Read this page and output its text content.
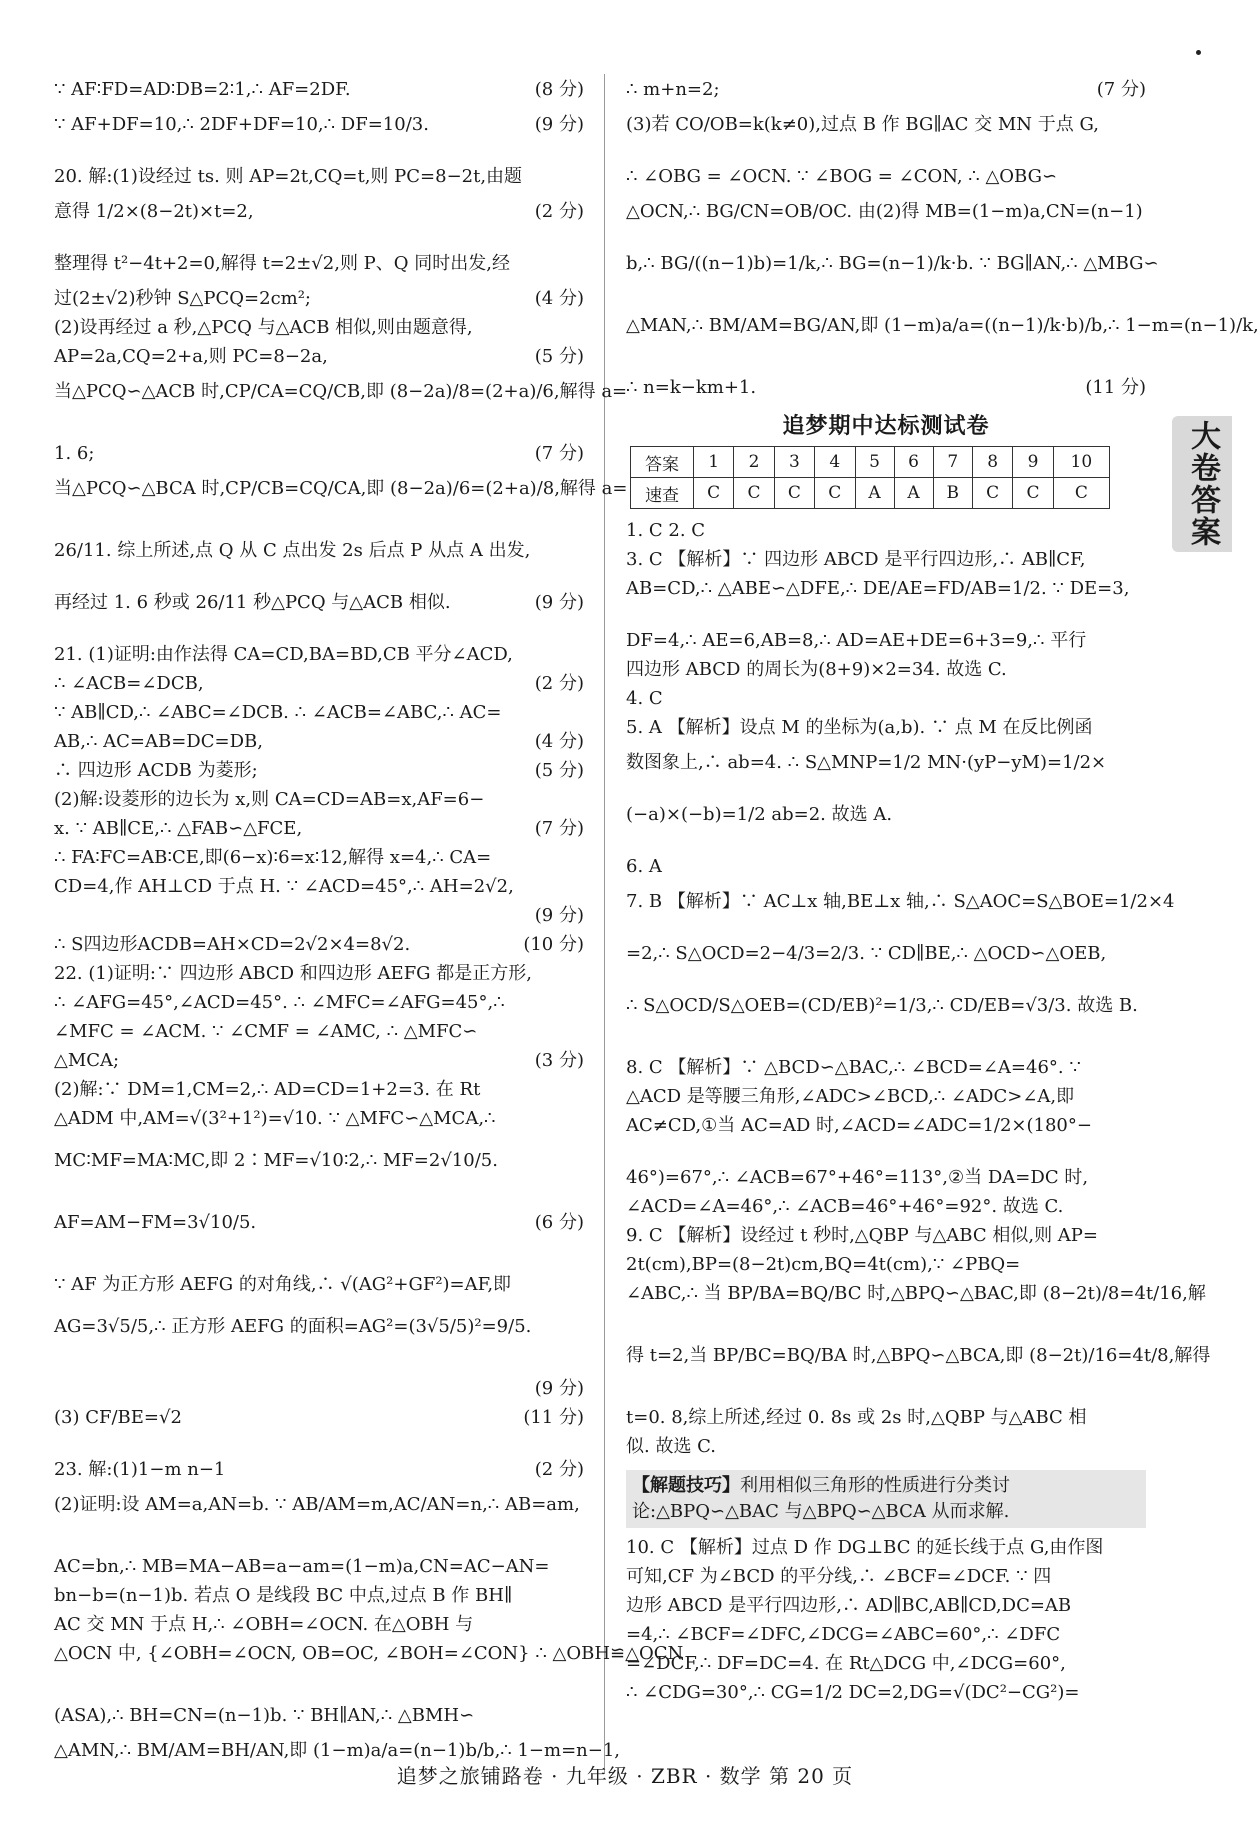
∵ AF∶FD=AD∶DB=2∶1,∴ AF=2DF.	(8 分)
∵ AF+DF=10,∴ 2DF+DF=10,∴ DF=10/3.	(9 分)
20. 解:(1)设经过 ts. 则 AP=2t,CQ=t,则 PC=8−2t,由题
意得 1/2×(8−2t)×t=2,	(2 分)
整理得 t²−4t+2=0,解得 t=2±√2,则 P、Q 同时出发,经
过(2±√2)秒钟 S△PCQ=2cm²;	(4 分)
(2)设再经过 a 秒,△PCQ 与△ACB 相似,则由题意得,
AP=2a,CQ=2+a,则 PC=8−2a,	(5 分)
当△PCQ∽△ACB 时,CP/CA=CQ/CB,即 (8−2a)/8=(2+a)/6,解得 a=
1. 6;	(7 分)
当△PCQ∽△BCA 时,CP/CB=CQ/CA,即 (8−2a)/6=(2+a)/8,解得 a=
26/11. 综上所述,点 Q 从 C 点出发 2s 后点 P 从点 A 出发,
再经过 1. 6 秒或 26/11 秒△PCQ 与△ACB 相似.	(9 分)
21. (1)证明:由作法得 CA=CD,BA=BD,CB 平分∠ACD,
∴ ∠ACB=∠DCB,	(2 分)
∵ AB∥CD,∴ ∠ABC=∠DCB. ∴ ∠ACB=∠ABC,∴ AC=
AB,∴ AC=AB=DC=DB,	(4 分)
∴ 四边形 ACDB 为菱形;	(5 分)
(2)解:设菱形的边长为 x,则 CA=CD=AB=x,AF=6−
x. ∵ AB∥CE,∴ △FAB∽△FCE,	(7 分)
∴ FA∶FC=AB∶CE,即(6−x)∶6=x∶12,解得 x=4,∴ CA=
CD=4,作 AH⊥CD 于点 H. ∵ ∠ACD=45°,∴ AH=2√2,
(9 分)
∴ S四边形ACDB=AH×CD=2√2×4=8√2.	(10 分)
22. (1)证明:∵ 四边形 ABCD 和四边形 AEFG 都是正方形,
∴ ∠AFG=45°,∠ACD=45°. ∴ ∠MFC=∠AFG=45°,∴
∠MFC = ∠ACM. ∵ ∠CMF = ∠AMC, ∴ △MFC∽
△MCA;	(3 分)
(2)解:∵ DM=1,CM=2,∴ AD=CD=1+2=3. 在 Rt
△ADM 中,AM=√(3²+1²)=√10. ∵ △MFC∽△MCA,∴
MC∶MF=MA∶MC,即 2∶MF=√10∶2,∴ MF=2√10/5.
AF=AM−FM=3√10/5.	(6 分)
∵ AF 为正方形 AEFG 的对角线,∴ √(AG²+GF²)=AF,即
AG=3√5/5,∴ 正方形 AEFG 的面积=AG²=(3√5/5)²=9/5.
(9 分)
(3) CF/BE=√2	(11 分)
23. 解:(1)1−m n−1	(2 分)
(2)证明:设 AM=a,AN=b. ∵ AB/AM=m,AC/AN=n,∴ AB=am,
AC=bn,∴ MB=MA−AB=a−am=(1−m)a,CN=AC−AN=
bn−b=(n−1)b. 若点 O 是线段 BC 中点,过点 B 作 BH∥
AC 交 MN 于点 H,∴ ∠OBH=∠OCN. 在△OBH 与
△OCN 中, {∠OBH=∠OCN, OB=OC, ∠BOH=∠CON} ∴ △OBH≌△OCN
(ASA),∴ BH=CN=(n−1)b. ∵ BH∥AN,∴ △BMH∽
△AMN,∴ BM/AM=BH/AN,即 (1−m)a/a=(n−1)b/b,∴ 1−m=n−1,
∴ m+n=2;	(7 分)
(3)若 CO/OB=k(k≠0),过点 B 作 BG∥AC 交 MN 于点 G,
∴ ∠OBG = ∠OCN. ∵ ∠BOG = ∠CON, ∴ △OBG∽
△OCN,∴ BG/CN=OB/OC. 由(2)得 MB=(1−m)a,CN=(n−1)
b,∴ BG/((n−1)b)=1/k,∴ BG=(n−1)/k·b. ∵ BG∥AN,∴ △MBG∽
△MAN,∴ BM/AM=BG/AN,即 (1−m)a/a=((n−1)/k·b)/b,∴ 1−m=(n−1)/k,
∴ n=k−km+1.	(11 分)
追梦期中达标测试卷
答案	1	2	3	4	5	6	7	8	9	10
速查	C	C	C	C	A	A	B	C	C	C
1. C 2. C
3. C 【解析】∵ 四边形 ABCD 是平行四边形,∴ AB∥CF,
AB=CD,∴ △ABE∽△DFE,∴ DE/AE=FD/AB=1/2. ∵ DE=3,
DF=4,∴ AE=6,AB=8,∴ AD=AE+DE=6+3=9,∴ 平行
四边形 ABCD 的周长为(8+9)×2=34. 故选 C.
4. C
5. A 【解析】设点 M 的坐标为(a,b). ∵ 点 M 在反比例函
数图象上,∴ ab=4. ∴ S△MNP=1/2 MN·(yP−yM)=1/2×
(−a)×(−b)=1/2 ab=2. 故选 A.
6. A
7. B 【解析】∵ AC⊥x 轴,BE⊥x 轴,∴ S△AOC=S△BOE=1/2×4
=2,∴ S△OCD=2−4/3=2/3. ∵ CD∥BE,∴ △OCD∽△OEB,
∴ S△OCD/S△OEB=(CD/EB)²=1/3,∴ CD/EB=√3/3. 故选 B.
8. C 【解析】∵ △BCD∽△BAC,∴ ∠BCD=∠A=46°. ∵
△ACD 是等腰三角形,∠ADC>∠BCD,∴ ∠ADC>∠A,即
AC≠CD,①当 AC=AD 时,∠ACD=∠ADC=1/2×(180°−
46°)=67°,∴ ∠ACB=67°+46°=113°,②当 DA=DC 时,
∠ACD=∠A=46°,∴ ∠ACB=46°+46°=92°. 故选 C.
9. C 【解析】设经过 t 秒时,△QBP 与△ABC 相似,则 AP=
2t(cm),BP=(8−2t)cm,BQ=4t(cm),∵ ∠PBQ=
∠ABC,∴ 当 BP/BA=BQ/BC 时,△BPQ∽△BAC,即 (8−2t)/8=4t/16,解
得 t=2,当 BP/BC=BQ/BA 时,△BPQ∽△BCA,即 (8−2t)/16=4t/8,解得
t=0. 8,综上所述,经过 0. 8s 或 2s 时,△QBP 与△ABC 相
似. 故选 C.
【解题技巧】利用相似三角形的性质进行分类讨论:△BPQ∽△BAC 与△BPQ∽△BCA 从而求解.
10. C 【解析】过点 D 作 DG⊥BC 的延长线于点 G,由作图
可知,CF 为∠BCD 的平分线,∴ ∠BCF=∠DCF. ∵ 四
边形 ABCD 是平行四边形,∴ AD∥BC,AB∥CD,DC=AB
=4,∴ ∠BCF=∠DFC,∠DCG=∠ABC=60°,∴ ∠DFC
=∠DCF,∴ DF=DC=4. 在 Rt△DCG 中,∠DCG=60°,
∴ ∠CDG=30°,∴ CG=1/2 DC=2,DG=√(DC²−CG²)=
大卷答案
追梦之旅铺路卷 · 九年级 · ZBR · 数学 第 20 页
